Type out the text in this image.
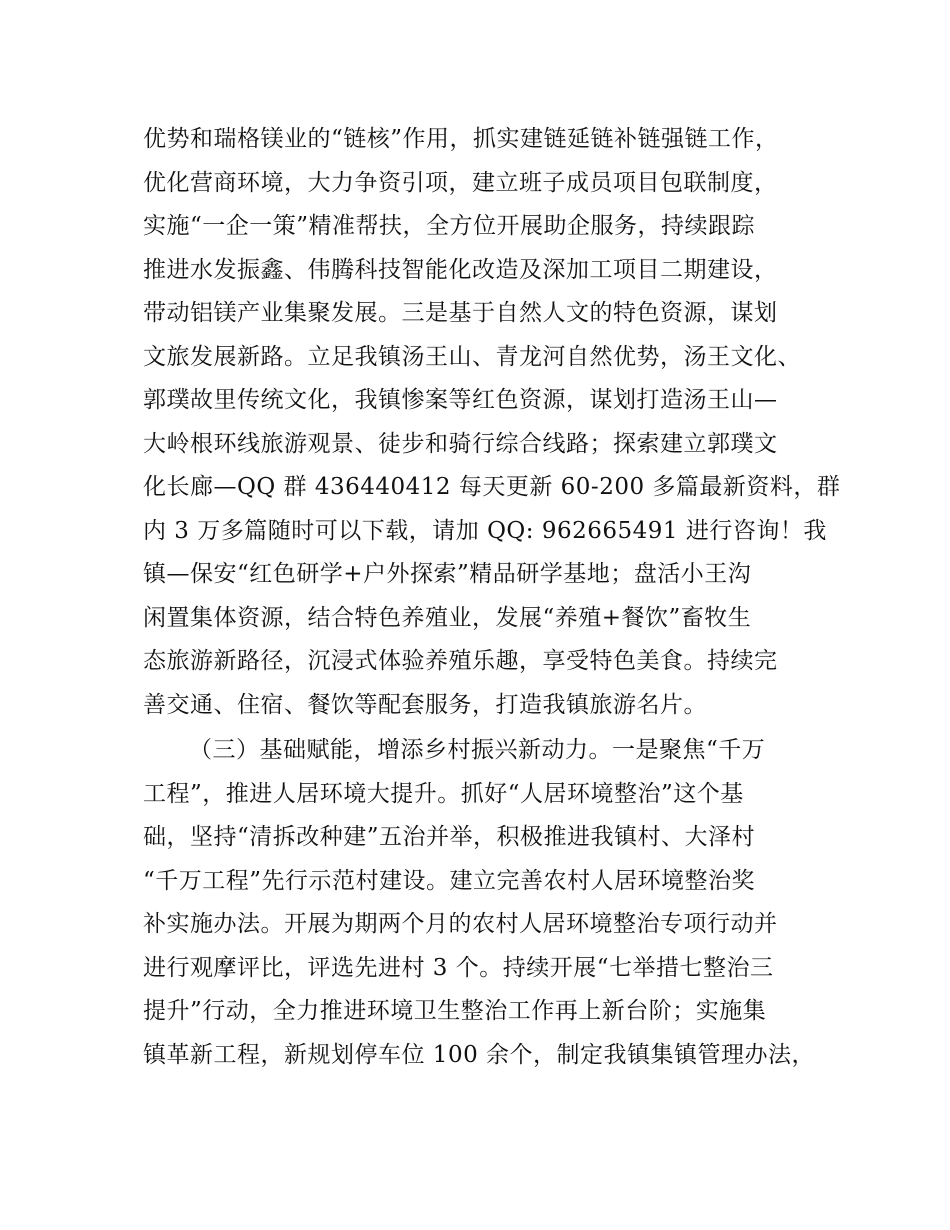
优势和瑞格镁业的“链核”作用，抓实建链延链补链强链工作，
优化营商环境，大力争资引项，建立班子成员项目包联制度，
实施“一企一策”精准帮扶，全方位开展助企服务，持续跟踪
推进水发振鑫、伟腾科技智能化改造及深加工项目二期建设，
带动铝镁产业集聚发展。三是基于自然人文的特色资源，谋划
文旅发展新路。立足我镇汤王山、青龙河自然优势，汤王文化、
郭璞故里传统文化，我镇惨案等红色资源，谋划打造汤王山—
大岭根环线旅游观景、徒步和骑行综合线路；探索建立郭璞文
化长廊—QQ 群 436440412 每天更新 60-200 多篇最新资料，群
内 3 万多篇随时可以下载，请加 QQ: 962665491 进行咨询！我
镇—保安“红色研学+户外探索”精品研学基地；盘活小王沟
闲置集体资源，结合特色养殖业，发展“养殖+餐饮”畜牧生
态旅游新路径，沉浸式体验养殖乐趣，享受特色美食。持续完
善交通、住宿、餐饮等配套服务，打造我镇旅游名片。
（三）基础赋能，增添乡村振兴新动力。一是聚焦“千万
工程”，推进人居环境大提升。抓好“人居环境整治”这个基
础，坚持“清拆改种建”五治并举，积极推进我镇村、大泽村
“千万工程”先行示范村建设。建立完善农村人居环境整治奖
补实施办法。开展为期两个月的农村人居环境整治专项行动并
进行观摩评比，评选先进村 3 个。持续开展“七举措七整治三
提升”行动，全力推进环境卫生整治工作再上新台阶；实施集
镇革新工程，新规划停车位 100 余个，制定我镇集镇管理办法，
